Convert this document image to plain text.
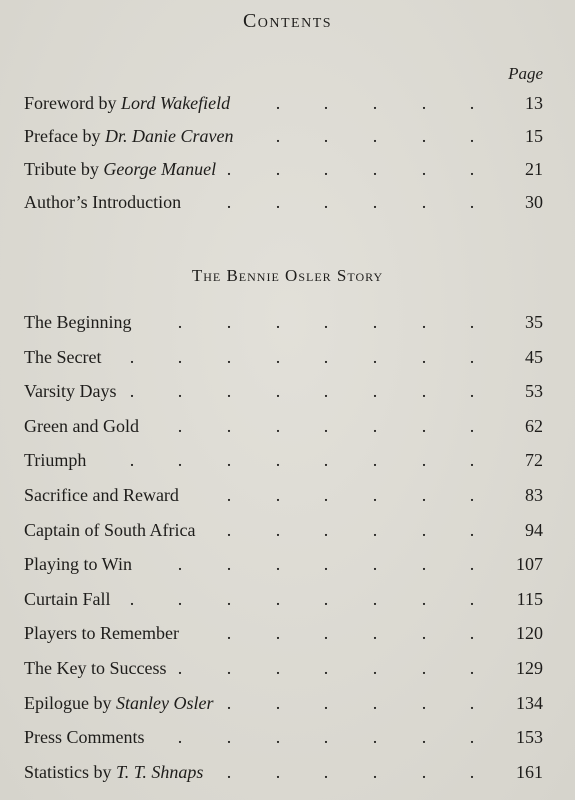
Contents
Page
Foreword by Lord Wakefield	13
. . . . .
Preface by Dr. Danie Craven	15
. . . . .
Tribute by George Manuel	21
. . . . . .
Author’s Introduction	30
. . . . . .
The Bennie Osler Story
The Beginning	35
. . . . . . .
The Secret	45
. . . . . . . .
Varsity Days	53
. . . . . . . .
Green and Gold	62
. . . . . . .
Triumph	72
. . . . . . . .
Sacrifice and Reward	83
. . . . . .
Captain of South Africa	94
. . . . . .
Playing to Win	107
. . . . . . .
Curtain Fall	115
. . . . . . . .
Players to Remember	120
. . . . . .
The Key to Success	129
. . . . . . .
Epilogue by Stanley Osler	134
. . . . . .
Press Comments	153
. . . . . . .
Statistics by T. T. Shnaps	161
. . . . . .
